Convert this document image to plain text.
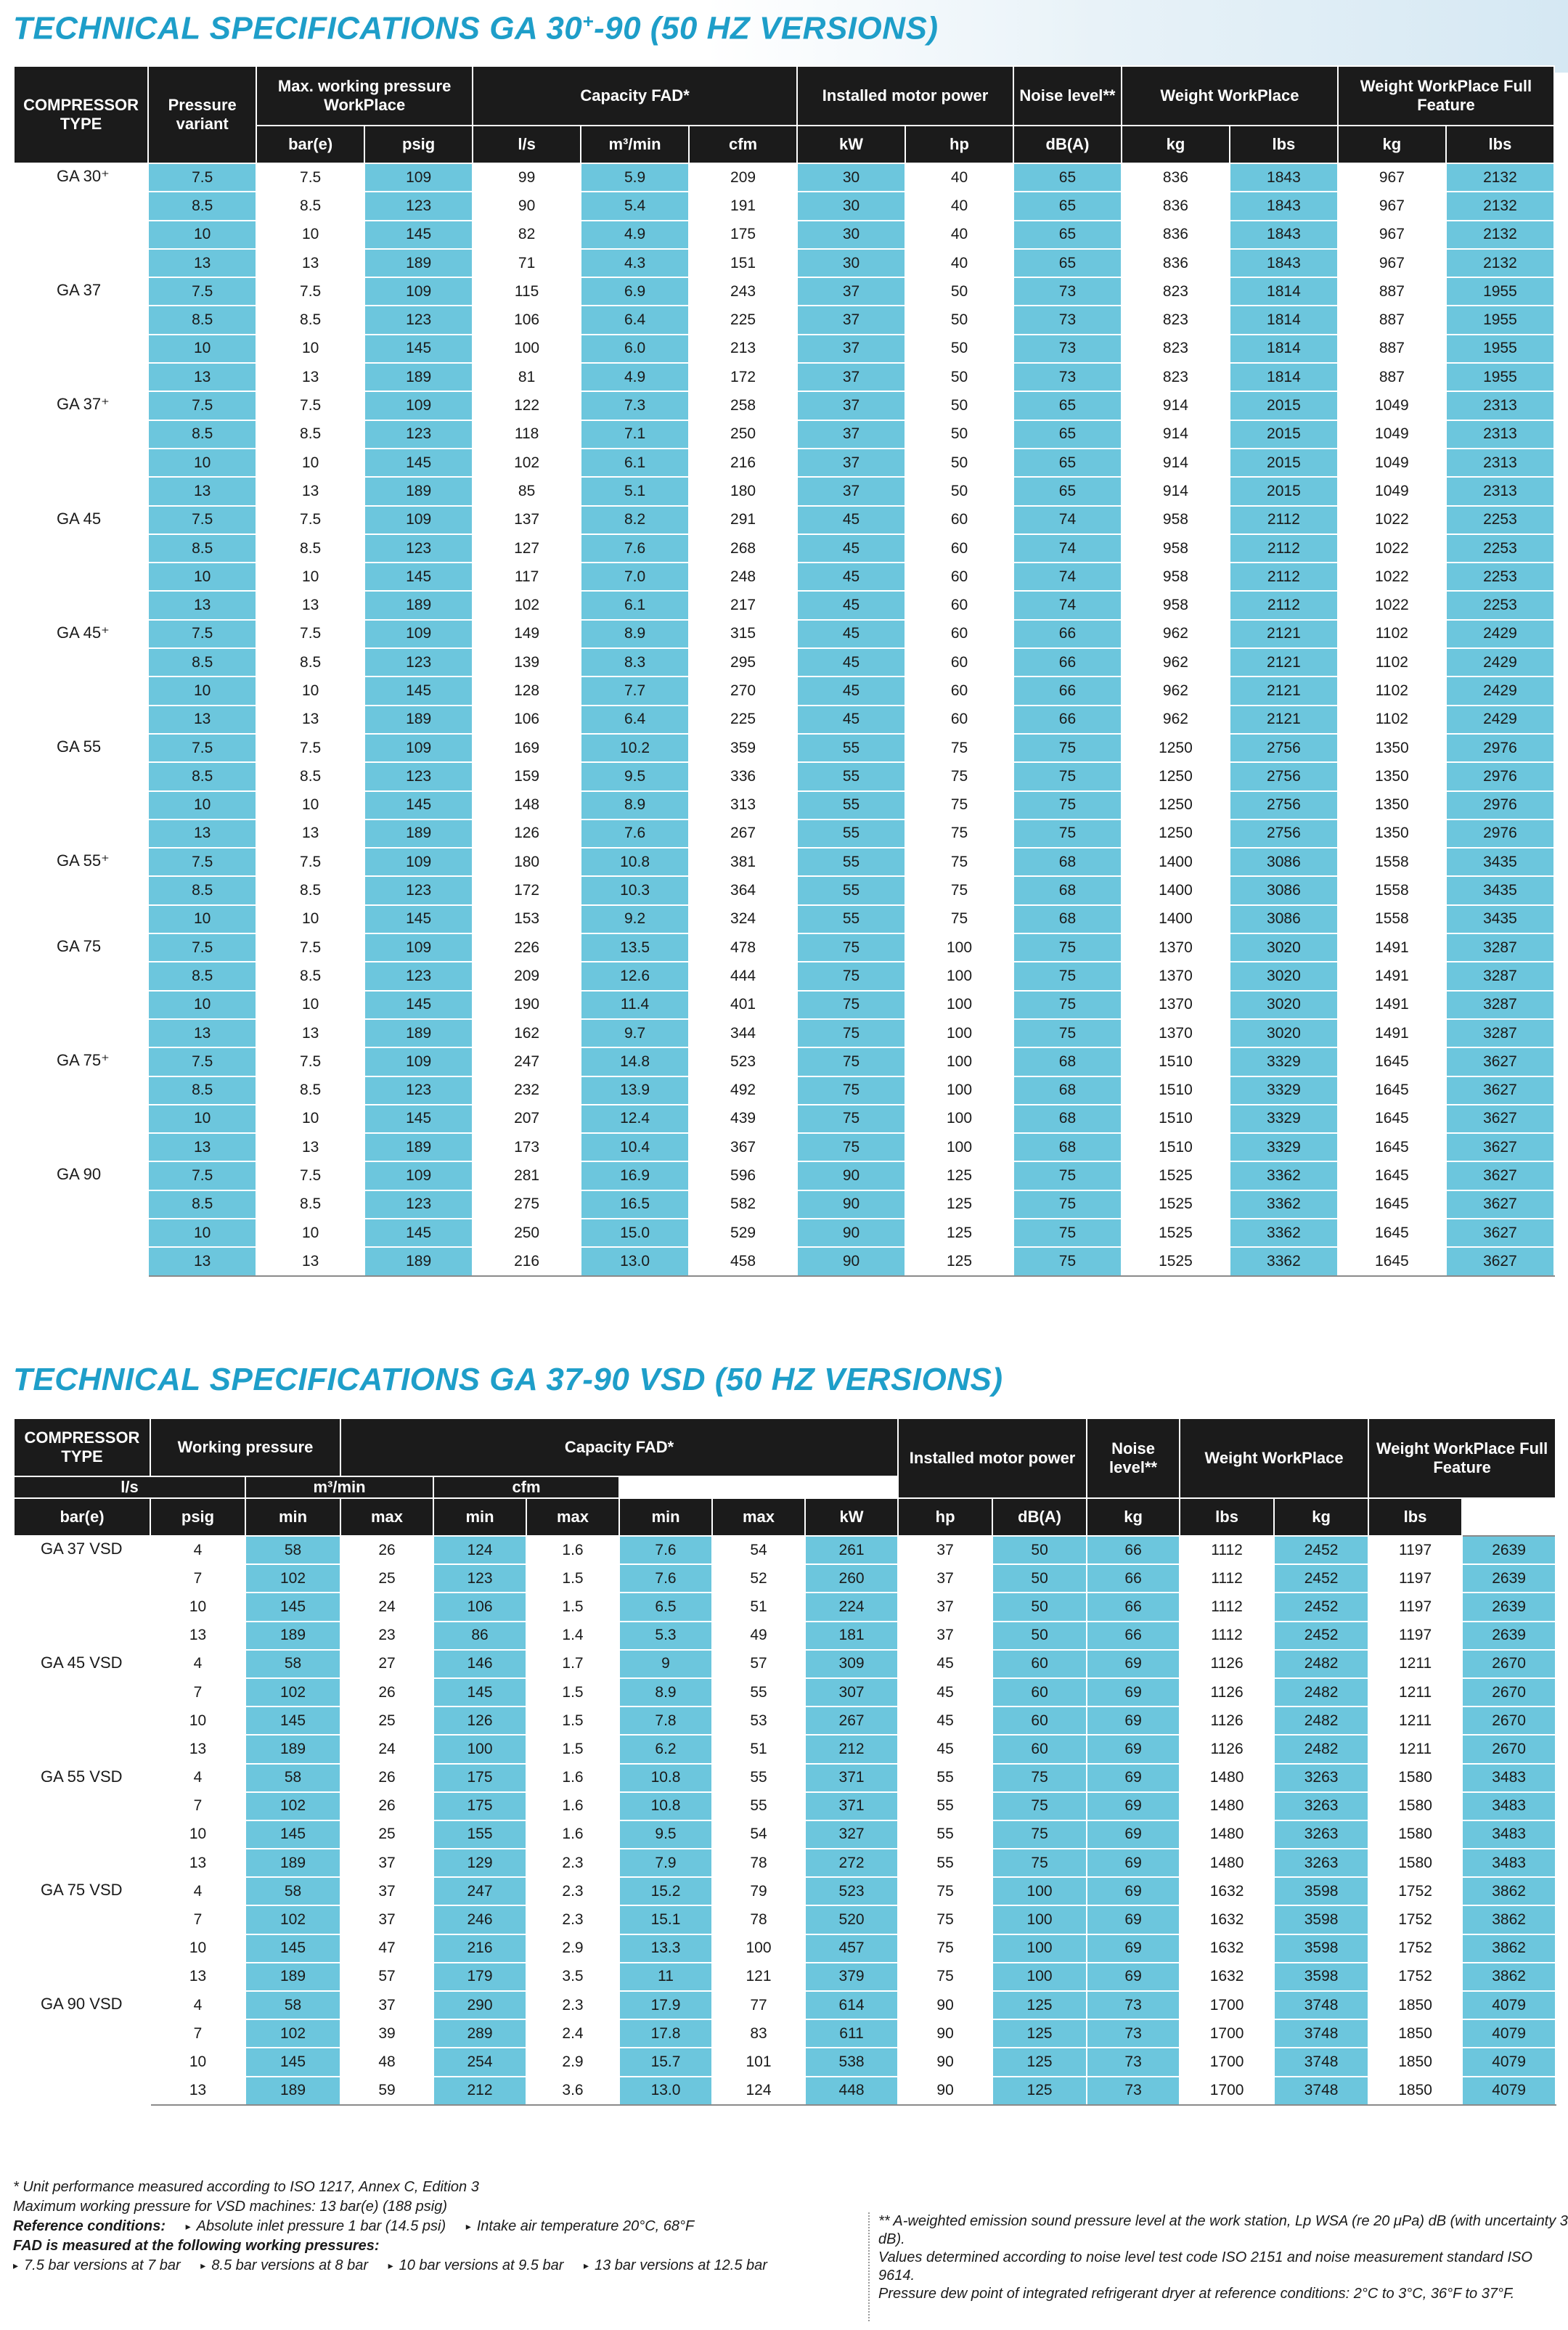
TECHNICAL SPECIFICATIONS GA 30+-90 (50 HZ VERSIONS)
COMPRESSOR TYPE	Pressure variant	Max. working pressure WorkPlace		Capacity FAD*			Installed motor power		Noise level**	Weight WorkPlace		Weight WorkPlace Full Feature	
		bar(e)	psig	l/s	m³/min	cfm	kW	hp	dB(A)	kg	lbs	kg	lbs
GA 30⁺	7.5	7.5	109	99	5.9	209	30	40	65	836	1843	967	2132
	8.5	8.5	123	90	5.4	191	30	40	65	836	1843	967	2132
	10	10	145	82	4.9	175	30	40	65	836	1843	967	2132
	13	13	189	71	4.3	151	30	40	65	836	1843	967	2132
GA 37	7.5	7.5	109	115	6.9	243	37	50	73	823	1814	887	1955
	8.5	8.5	123	106	6.4	225	37	50	73	823	1814	887	1955
	10	10	145	100	6.0	213	37	50	73	823	1814	887	1955
	13	13	189	81	4.9	172	37	50	73	823	1814	887	1955
GA 37⁺	7.5	7.5	109	122	7.3	258	37	50	65	914	2015	1049	2313
	8.5	8.5	123	118	7.1	250	37	50	65	914	2015	1049	2313
	10	10	145	102	6.1	216	37	50	65	914	2015	1049	2313
	13	13	189	85	5.1	180	37	50	65	914	2015	1049	2313
GA 45	7.5	7.5	109	137	8.2	291	45	60	74	958	2112	1022	2253
	8.5	8.5	123	127	7.6	268	45	60	74	958	2112	1022	2253
	10	10	145	117	7.0	248	45	60	74	958	2112	1022	2253
	13	13	189	102	6.1	217	45	60	74	958	2112	1022	2253
GA 45⁺	7.5	7.5	109	149	8.9	315	45	60	66	962	2121	1102	2429
	8.5	8.5	123	139	8.3	295	45	60	66	962	2121	1102	2429
	10	10	145	128	7.7	270	45	60	66	962	2121	1102	2429
	13	13	189	106	6.4	225	45	60	66	962	2121	1102	2429
GA 55	7.5	7.5	109	169	10.2	359	55	75	75	1250	2756	1350	2976
	8.5	8.5	123	159	9.5	336	55	75	75	1250	2756	1350	2976
	10	10	145	148	8.9	313	55	75	75	1250	2756	1350	2976
	13	13	189	126	7.6	267	55	75	75	1250	2756	1350	2976
GA 55⁺	7.5	7.5	109	180	10.8	381	55	75	68	1400	3086	1558	3435
	8.5	8.5	123	172	10.3	364	55	75	68	1400	3086	1558	3435
	10	10	145	153	9.2	324	55	75	68	1400	3086	1558	3435
GA 75	7.5	7.5	109	226	13.5	478	75	100	75	1370	3020	1491	3287
	8.5	8.5	123	209	12.6	444	75	100	75	1370	3020	1491	3287
	10	10	145	190	11.4	401	75	100	75	1370	3020	1491	3287
	13	13	189	162	9.7	344	75	100	75	1370	3020	1491	3287
GA 75⁺	7.5	7.5	109	247	14.8	523	75	100	68	1510	3329	1645	3627
	8.5	8.5	123	232	13.9	492	75	100	68	1510	3329	1645	3627
	10	10	145	207	12.4	439	75	100	68	1510	3329	1645	3627
	13	13	189	173	10.4	367	75	100	68	1510	3329	1645	3627
GA 90	7.5	7.5	109	281	16.9	596	90	125	75	1525	3362	1645	3627
	8.5	8.5	123	275	16.5	582	90	125	75	1525	3362	1645	3627
	10	10	145	250	15.0	529	90	125	75	1525	3362	1645	3627
	13	13	189	216	13.0	458	90	125	75	1525	3362	1645	3627
TECHNICAL SPECIFICATIONS GA 37-90 VSD (50 HZ VERSIONS)
COMPRESSOR TYPE	Working pressure		Capacity FAD*						Installed motor power		Noise level**	Weight WorkPlace		Weight WorkPlace Full Feature	

l/s		m³/min		cfm											
bar(e)	psig	min	max	min	max	min	max	kW	hp	dB(A)	kg	lbs	kg	lbs	
GA 37 VSD	4	58	26	124	1.6	7.6	54	261	37	50	66	1112	2452	1197	2639
	7	102	25	123	1.5	7.6	52	260	37	50	66	1112	2452	1197	2639
	10	145	24	106	1.5	6.5	51	224	37	50	66	1112	2452	1197	2639
	13	189	23	86	1.4	5.3	49	181	37	50	66	1112	2452	1197	2639
GA 45 VSD	4	58	27	146	1.7	9	57	309	45	60	69	1126	2482	1211	2670
	7	102	26	145	1.5	8.9	55	307	45	60	69	1126	2482	1211	2670
	10	145	25	126	1.5	7.8	53	267	45	60	69	1126	2482	1211	2670
	13	189	24	100	1.5	6.2	51	212	45	60	69	1126	2482	1211	2670
GA 55 VSD	4	58	26	175	1.6	10.8	55	371	55	75	69	1480	3263	1580	3483
	7	102	26	175	1.6	10.8	55	371	55	75	69	1480	3263	1580	3483
	10	145	25	155	1.6	9.5	54	327	55	75	69	1480	3263	1580	3483
	13	189	37	129	2.3	7.9	78	272	55	75	69	1480	3263	1580	3483
GA 75 VSD	4	58	37	247	2.3	15.2	79	523	75	100	69	1632	3598	1752	3862
	7	102	37	246	2.3	15.1	78	520	75	100	69	1632	3598	1752	3862
	10	145	47	216	2.9	13.3	100	457	75	100	69	1632	3598	1752	3862
	13	189	57	179	3.5	11	121	379	75	100	69	1632	3598	1752	3862
GA 90 VSD	4	58	37	290	2.3	17.9	77	614	90	125	73	1700	3748	1850	4079
	7	102	39	289	2.4	17.8	83	611	90	125	73	1700	3748	1850	4079
	10	145	48	254	2.9	15.7	101	538	90	125	73	1700	3748	1850	4079
	13	189	59	212	3.6	13.0	124	448	90	125	73	1700	3748	1850	4079

* Unit performance measured according to ISO 1217, Annex C, Edition 3

Maximum working pressure for VSD machines: 13 bar(e) (188 psig)

Reference conditions: ▸ Absolute inlet pressure 1 bar (14.5 psi) ▸ Intake air temperature 20°C, 68°F

FAD is measured at the following working pressures:

▸ 7.5 bar versions at 7 bar ▸ 8.5 bar versions at 8 bar ▸ 10 bar versions at 9.5 bar ▸ 13 bar versions at 12.5 bar

** A-weighted emission sound pressure level at the work station, Lp WSA (re 20 μPa) dB (with uncertainty 3 dB).

Values determined according to noise level test code ISO 2151 and noise measurement standard ISO 9614.

Pressure dew point of integrated refrigerant dryer at reference conditions: 2°C to 3°C, 36°F to 37°F.
